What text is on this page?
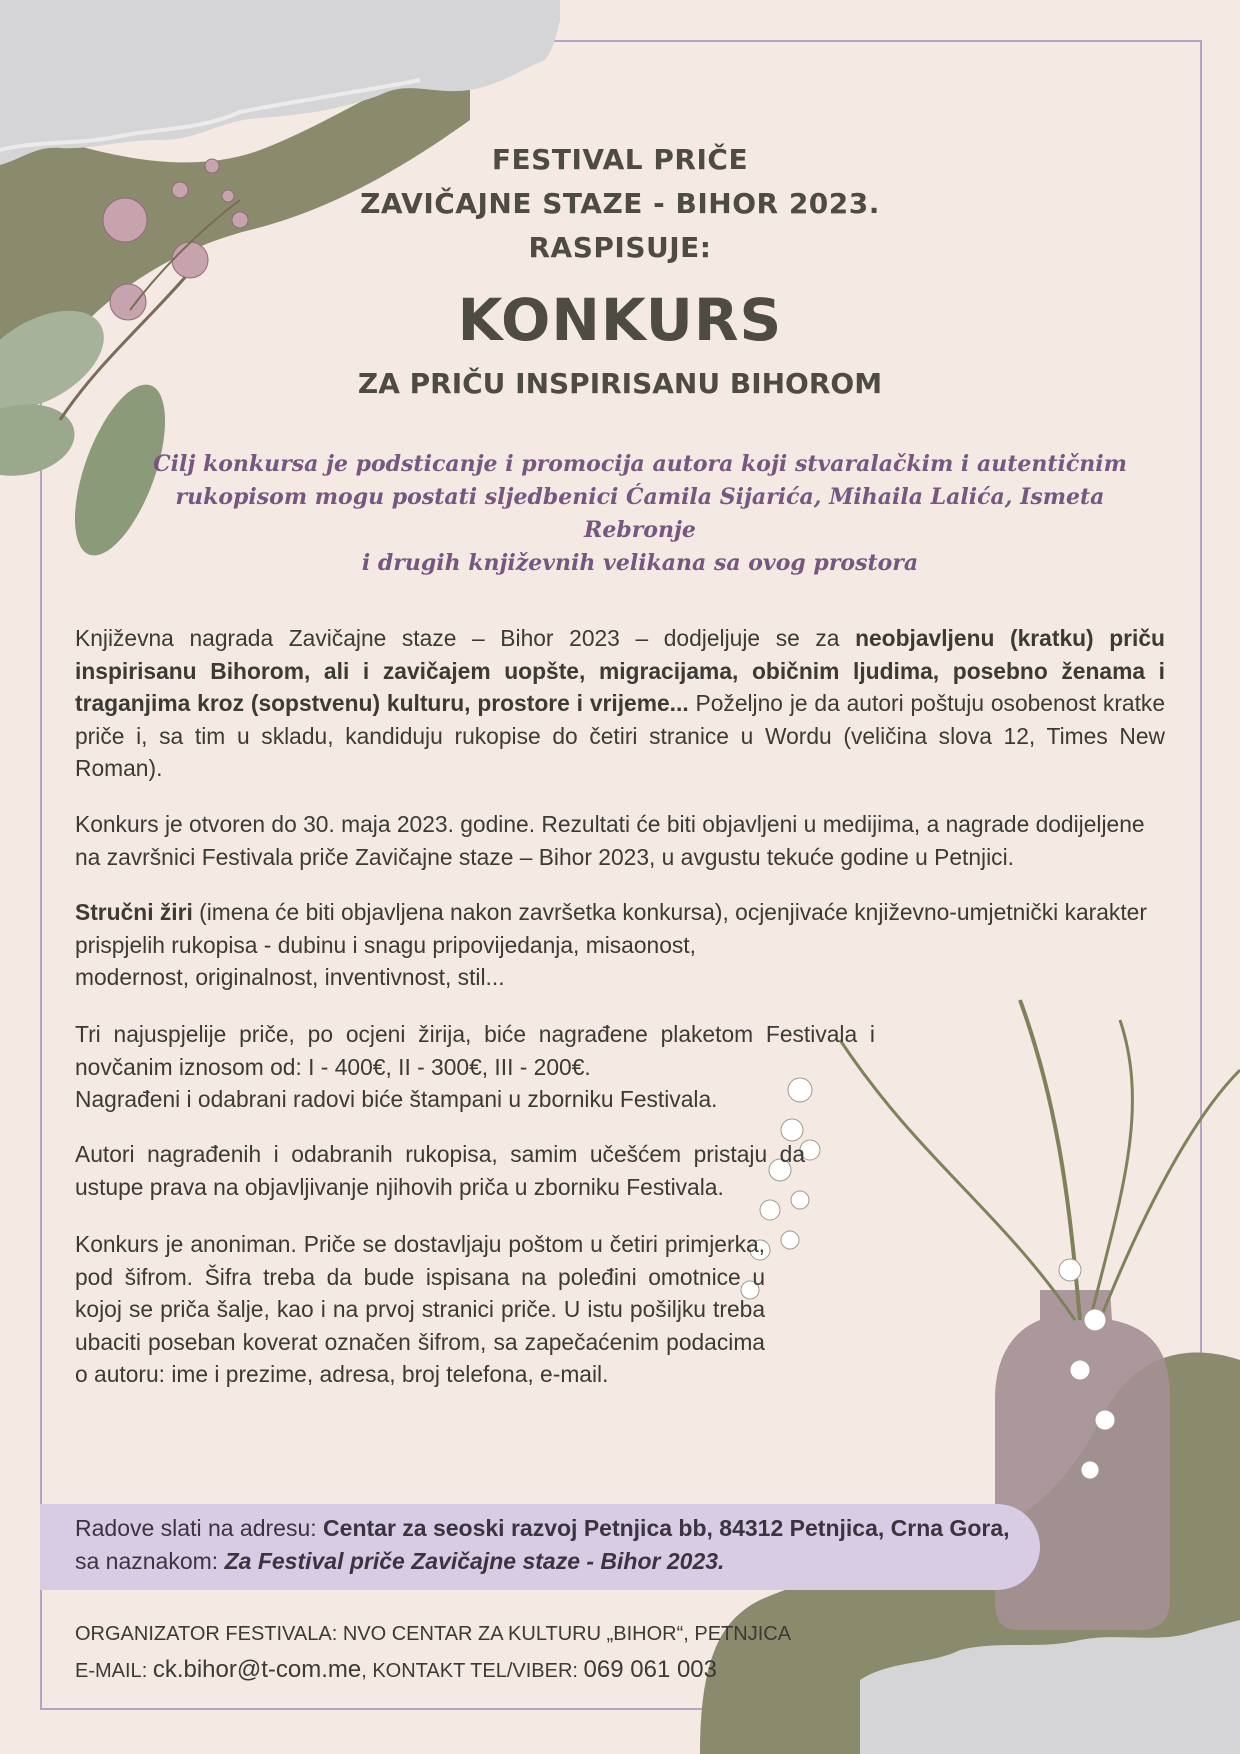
FESTIVAL PRIČE
ZAVIČAJNE STAZE - BIHOR 2023.
RASPISUJE:
KONKURS
ZA PRIČU INSPIRISANU BIHOROM
Cilj konkursa je podsticanje i promocija autora koji stvaralačkim i autentičnim
rukopisom mogu postati sljedbenici Ćamila Sijarića, Mihaila Lalića, Ismeta Rebronje
i drugih književnih velikana sa ovog prostora

Književna nagrada Zavičajne staze – Bihor 2023 – dodjeljuje se za neobjavljenu (kratku) priču inspirisanu Bihorom, ali i zavičajem uopšte, migracijama, običnim ljudima, posebno ženama i traganjima kroz (sopstvenu) kulturu, prostore i vrijeme... Poželjno je da autori poštuju osobenost kratke priče i, sa tim u skladu, kandiduju rukopise do četiri stranice u Wordu (veličina slova 12, Times New Roman).

Konkurs je otvoren do 30. maja 2023. godine. Rezultati će biti objavljeni u medijima, a nagrade dodijeljene na završnici Festivala priče Zavičajne staze – Bihor 2023, u avgustu tekuće godine u Petnjici.

Stručni žiri (imena će biti objavljena nakon završetka konkursa), ocjenjivaće književno-umjetnički karakter prispjelih rukopisa - dubinu i snagu pripovijedanja, misaonost,
modernost, originalnost, inventivnost, stil...

Tri najuspjelije priče, po ocjeni žirija, biće nagrađene plaketom Festivala i novčanim iznosom od: I - 400€, II - 300€, III - 200€.
Nagrađeni i odabrani radovi biće štampani u zborniku Festivala.

Autori nagrađenih i odabranih rukopisa, samim učešćem pristaju da ustupe prava na objavljivanje njihovih priča u zborniku Festivala.

Konkurs je anoniman. Priče se dostavljaju poštom u četiri primjerka, pod šifrom. Šifra treba da bude ispisana na poleđini omotnice u kojoj se priča šalje, kao i na prvoj stranici priče. U istu pošiljku treba ubaciti poseban koverat označen šifrom, sa zapečaćenim podacima o autoru: ime i prezime, adresa, broj telefona, e-mail.

Radove slati na adresu: Centar za seoski razvoj Petnjica bb, 84312 Petnjica, Crna Gora, sa naznakom: Za Festival priče Zavičajne staze - Bihor 2023.
ORGANIZATOR FESTIVALA: NVO CENTAR ZA KULTURU „BIHOR“, PETNJICA
E-MAIL: ck.bihor@t-com.me, KONTAKT TEL/VIBER: 069 061 003
